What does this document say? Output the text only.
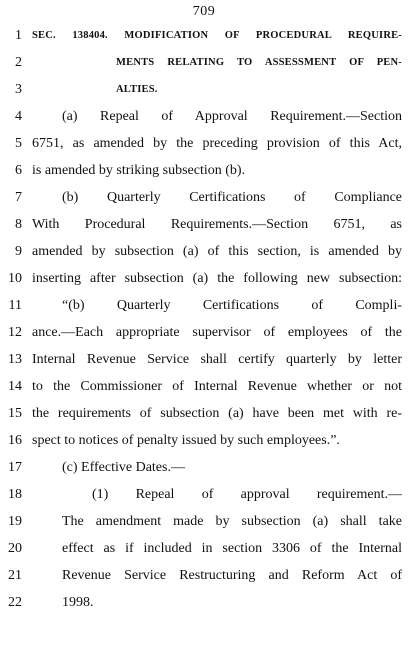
709
1 SEC. 138404. MODIFICATION OF PROCEDURAL REQUIRE-
2	MENTS RELATING TO ASSESSMENT OF PEN-
3	ALTIES.
4	(a) Repeal of Approval Requirement.—Section
5 6751, as amended by the preceding provision of this Act,
6 is amended by striking subsection (b).
7	(b) Quarterly Certifications of Compliance
8 With Procedural Requirements.—Section 6751, as
9 amended by subsection (a) of this section, is amended by
10 inserting after subsection (a) the following new subsection:
11	“(b) Quarterly Certifications of Compli-
12 ance.—Each appropriate supervisor of employees of the
13 Internal Revenue Service shall certify quarterly by letter
14 to the Commissioner of Internal Revenue whether or not
15 the requirements of subsection (a) have been met with re-
16 spect to notices of penalty issued by such employees.”.
17	(c) Effective Dates.—
18	(1) Repeal of approval requirement.—
19	The amendment made by subsection (a) shall take
20	effect as if included in section 3306 of the Internal
21	Revenue Service Restructuring and Reform Act of
22	1998.
